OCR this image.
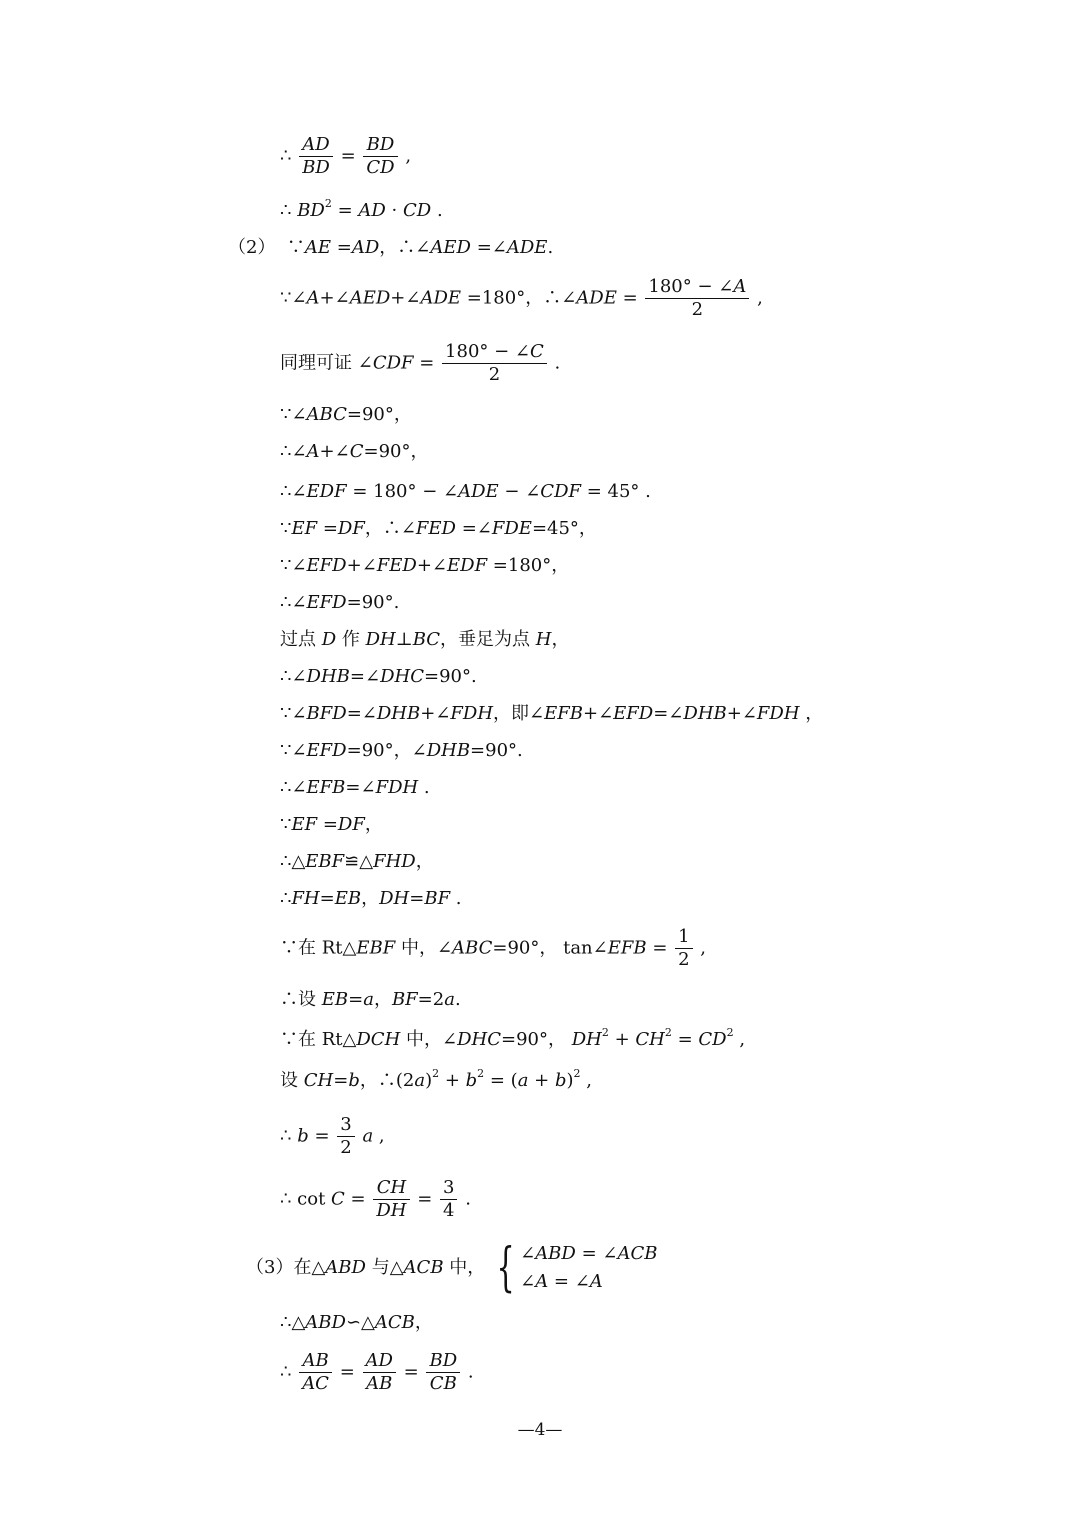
∴ $\frac{AD}{BD} = \frac{BD}{CD}$ ,
∴ $BD^2$ = AD · CD .
（2）  ∵AE =AD，∴∠AED =∠ADE.
∵∠A+∠AED+∠ADE =180°，∴∠ADE = $\frac{180^\circ - \angle A}{2}$ ,
同理可证 ∠CDF = $\frac{180^\circ - \angle C}{2}$ .
∵∠ABC=90°，
∴∠A+∠C=90°，
∴∠EDF = 180° − ∠ADE − ∠CDF = 45° .
∵EF =DF，∴∠FED =∠FDE=45°，
∵∠EFD+∠FED+∠EDF =180°，
∴∠EFD=90°.
过点 D 作 DH⊥BC，垂足为点 H，
∴∠DHB=∠DHC=90°.
∵∠BFD=∠DHB+∠FDH，即∠EFB+∠EFD=∠DHB+∠FDH ，
∵∠EFD=90°，∠DHB=90°.
∴∠EFB=∠FDH .
∵EF =DF，
∴△EBF≌△FHD，
∴FH=EB，DH=BF .
∵在 Rt△EBF 中，∠ABC=90°， tan∠EFB = $\frac{1}{2}$ ,
∴设 EB=a，BF=2a.
∵在 Rt△DCH 中，∠DHC=90°， $DH^2 + CH^2 = CD^2$ ,
设 CH=b，$\therefore(2a)^2 + b^2 = (a + b)^2$ ,
∴ $b = \frac{3}{2}$ a ,
∴ $\cot C = \frac{CH}{DH} = \frac{3}{4}$ .
（3）在△ABD 与△ACB 中， { ∠ABD = ∠ACB
∠A = ∠A
∴△ABD∽△ACB，
∴ $\frac{AB}{AC} = \frac{AD}{AB} = \frac{BD}{CB}$ .
—4—
